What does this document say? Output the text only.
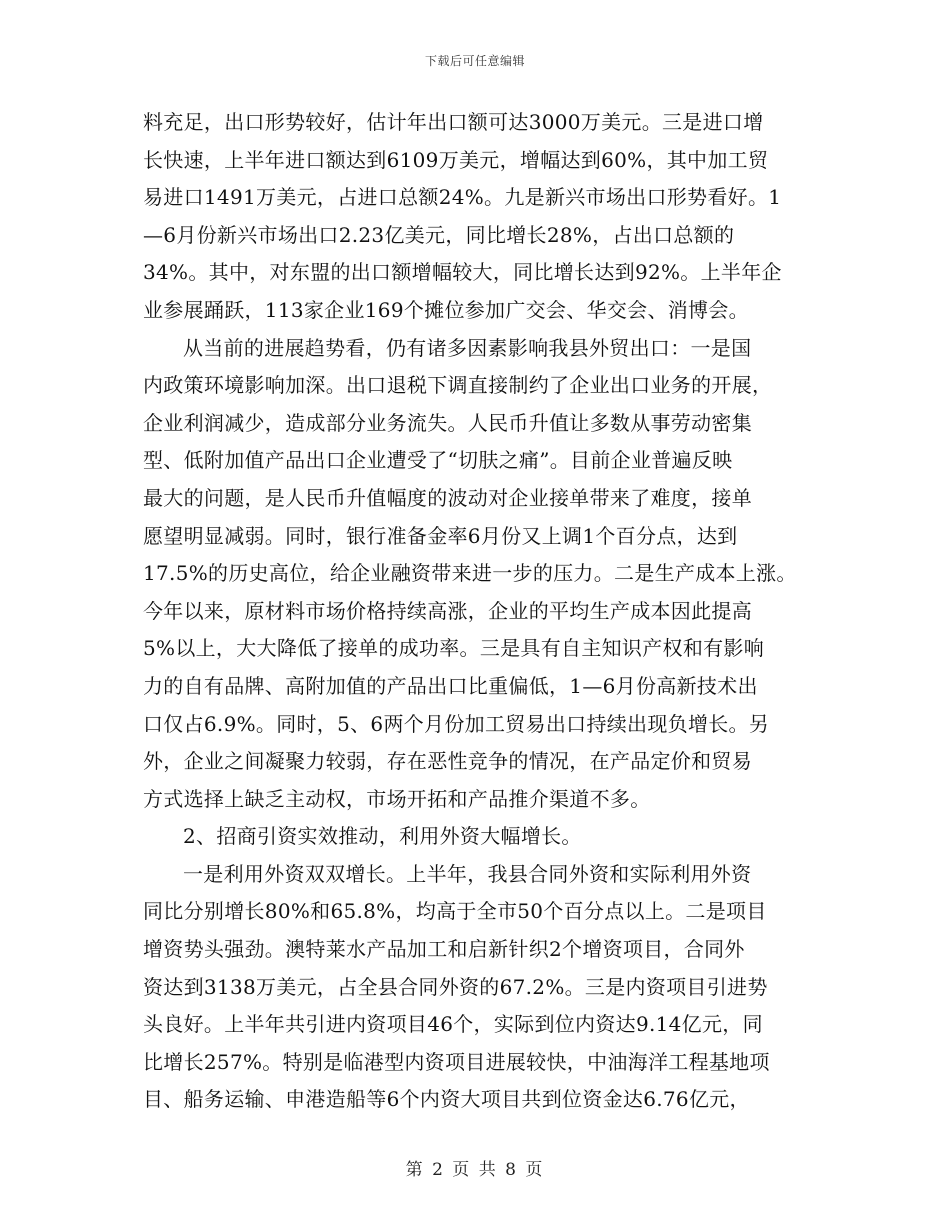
下载后可任意编辑
料充足，出口形势较好，估计年出口额可达3000万美元。三是进口增
长快速，上半年进口额达到6109万美元，增幅达到60%，其中加工贸
易进口1491万美元，占进口总额24%。九是新兴市场出口形势看好。1
—6月份新兴市场出口2.23亿美元，同比增长28%，占出口总额的
34%。其中，对东盟的出口额增幅较大，同比增长达到92%。上半年企
业参展踊跃，113家企业169个摊位参加广交会、华交会、消博会。
从当前的进展趋势看，仍有诸多因素影响我县外贸出口：一是国
内政策环境影响加深。出口退税下调直接制约了企业出口业务的开展，
企业利润减少，造成部分业务流失。人民币升值让多数从事劳动密集
型、低附加值产品出口企业遭受了“切肤之痛”。目前企业普遍反映
最大的问题，是人民币升值幅度的波动对企业接单带来了难度，接单
愿望明显减弱。同时，银行准备金率6月份又上调1个百分点，达到
17.5%的历史高位，给企业融资带来进一步的压力。二是生产成本上涨。
今年以来，原材料市场价格持续高涨，企业的平均生产成本因此提高
5%以上，大大降低了接单的成功率。三是具有自主知识产权和有影响
力的自有品牌、高附加值的产品出口比重偏低，1—6月份高新技术出
口仅占6.9%。同时，5、6两个月份加工贸易出口持续出现负增长。另
外，企业之间凝聚力较弱，存在恶性竞争的情况，在产品定价和贸易
方式选择上缺乏主动权，市场开拓和产品推介渠道不多。
2、招商引资实效推动，利用外资大幅增长。
一是利用外资双双增长。上半年，我县合同外资和实际利用外资
同比分别增长80%和65.8%，均高于全市50个百分点以上。二是项目
增资势头强劲。澳特莱水产品加工和启新针织2个增资项目，合同外
资达到3138万美元，占全县合同外资的67.2%。三是内资项目引进势
头良好。上半年共引进内资项目46个，实际到位内资达9.14亿元，同
比增长257%。特别是临港型内资项目进展较快，中油海洋工程基地项
目、船务运输、申港造船等6个内资大项目共到位资金达6.76亿元，
第 2 页 共 8 页
